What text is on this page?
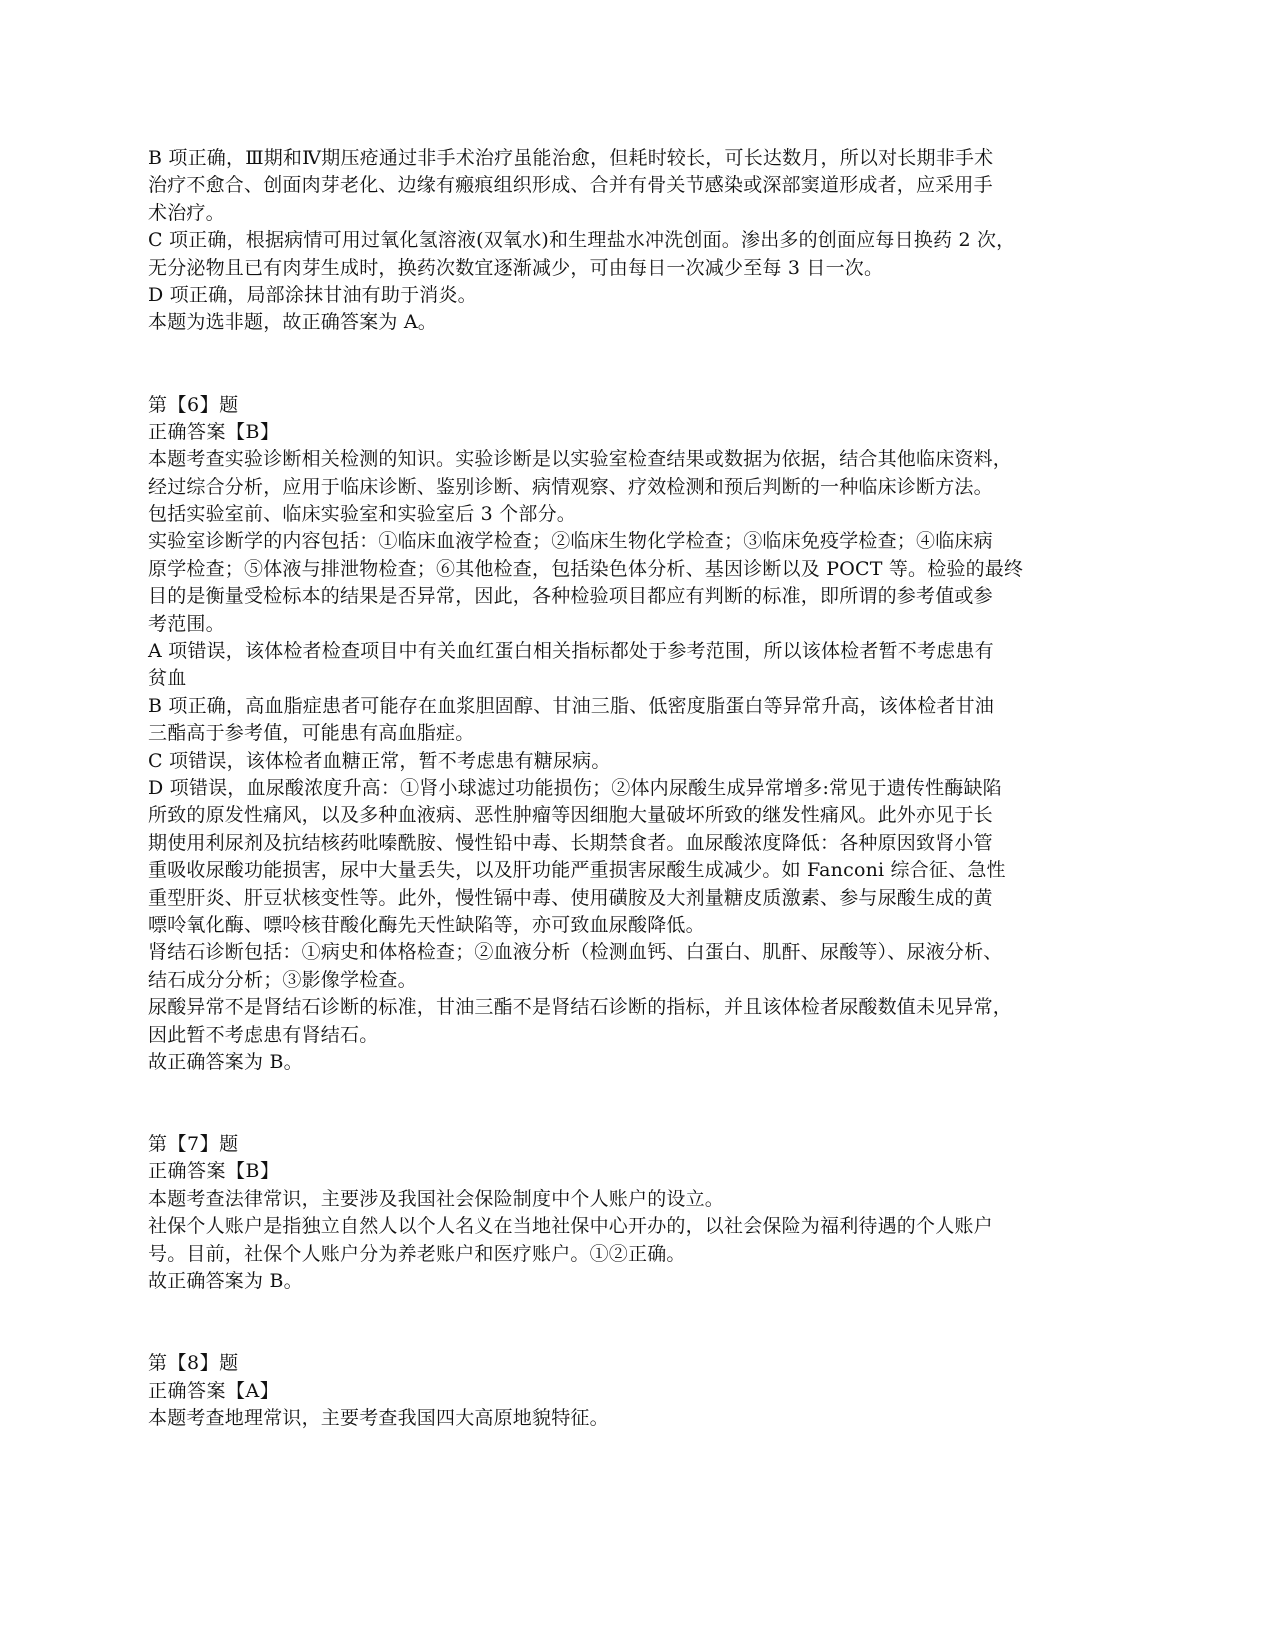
B 项正确，Ⅲ期和Ⅳ期压疮通过非手术治疗虽能治愈，但耗时较长，可长达数月，所以对长期非手术
治疗不愈合、创面肉芽老化、边缘有瘢痕组织形成、合并有骨关节感染或深部窦道形成者，应采用手
术治疗。
C 项正确，根据病情可用过氧化氢溶液(双氧水)和生理盐水冲洗创面。渗出多的创面应每日换药 2 次，
无分泌物且已有肉芽生成时，换药次数宜逐渐减少，可由每日一次减少至每 3 日一次。
D 项正确，局部涂抹甘油有助于消炎。
本题为选非题，故正确答案为 A。
第【6】题
正确答案【B】
本题考查实验诊断相关检测的知识。实验诊断是以实验室检查结果或数据为依据，结合其他临床资料，
经过综合分析，应用于临床诊断、鉴别诊断、病情观察、疗效检测和预后判断的一种临床诊断方法。
包括实验室前、临床实验室和实验室后 3 个部分。
实验室诊断学的内容包括：①临床血液学检查；②临床生物化学检查；③临床免疫学检查；④临床病
原学检查；⑤体液与排泄物检查；⑥其他检查，包括染色体分析、基因诊断以及 POCT 等。检验的最终
目的是衡量受检标本的结果是否异常，因此，各种检验项目都应有判断的标准，即所谓的参考值或参
考范围。
A 项错误，该体检者检查项目中有关血红蛋白相关指标都处于参考范围，所以该体检者暂不考虑患有
贫血
B 项正确，高血脂症患者可能存在血浆胆固醇、甘油三脂、低密度脂蛋白等异常升高，该体检者甘油
三酯高于参考值，可能患有高血脂症。
C 项错误，该体检者血糖正常，暂不考虑患有糖尿病。
D 项错误，血尿酸浓度升高：①肾小球滤过功能损伤；②体内尿酸生成异常增多:常见于遗传性酶缺陷
所致的原发性痛风，以及多种血液病、恶性肿瘤等因细胞大量破坏所致的继发性痛风。此外亦见于长
期使用利尿剂及抗结核药吡嗪酰胺、慢性铅中毒、长期禁食者。血尿酸浓度降低：各种原因致肾小管
重吸收尿酸功能损害，尿中大量丢失，以及肝功能严重损害尿酸生成减少。如 Fanconi 综合征、急性
重型肝炎、肝豆状核变性等。此外，慢性镉中毒、使用磺胺及大剂量糖皮质激素、参与尿酸生成的黄
嘌呤氧化酶、嘌呤核苷酸化酶先天性缺陷等，亦可致血尿酸降低。
肾结石诊断包括：①病史和体格检查；②血液分析（检测血钙、白蛋白、肌酐、尿酸等）、尿液分析、
结石成分分析；③影像学检查。
尿酸异常不是肾结石诊断的标准，甘油三酯不是肾结石诊断的指标，并且该体检者尿酸数值未见异常，
因此暂不考虑患有肾结石。
故正确答案为 B。
第【7】题
正确答案【B】
本题考查法律常识，主要涉及我国社会保险制度中个人账户的设立。
社保个人账户是指独立自然人以个人名义在当地社保中心开办的，以社会保险为福利待遇的个人账户
号。目前，社保个人账户分为养老账户和医疗账户。①②正确。
故正确答案为 B。
第【8】题
正确答案【A】
本题考查地理常识，主要考查我国四大高原地貌特征。
